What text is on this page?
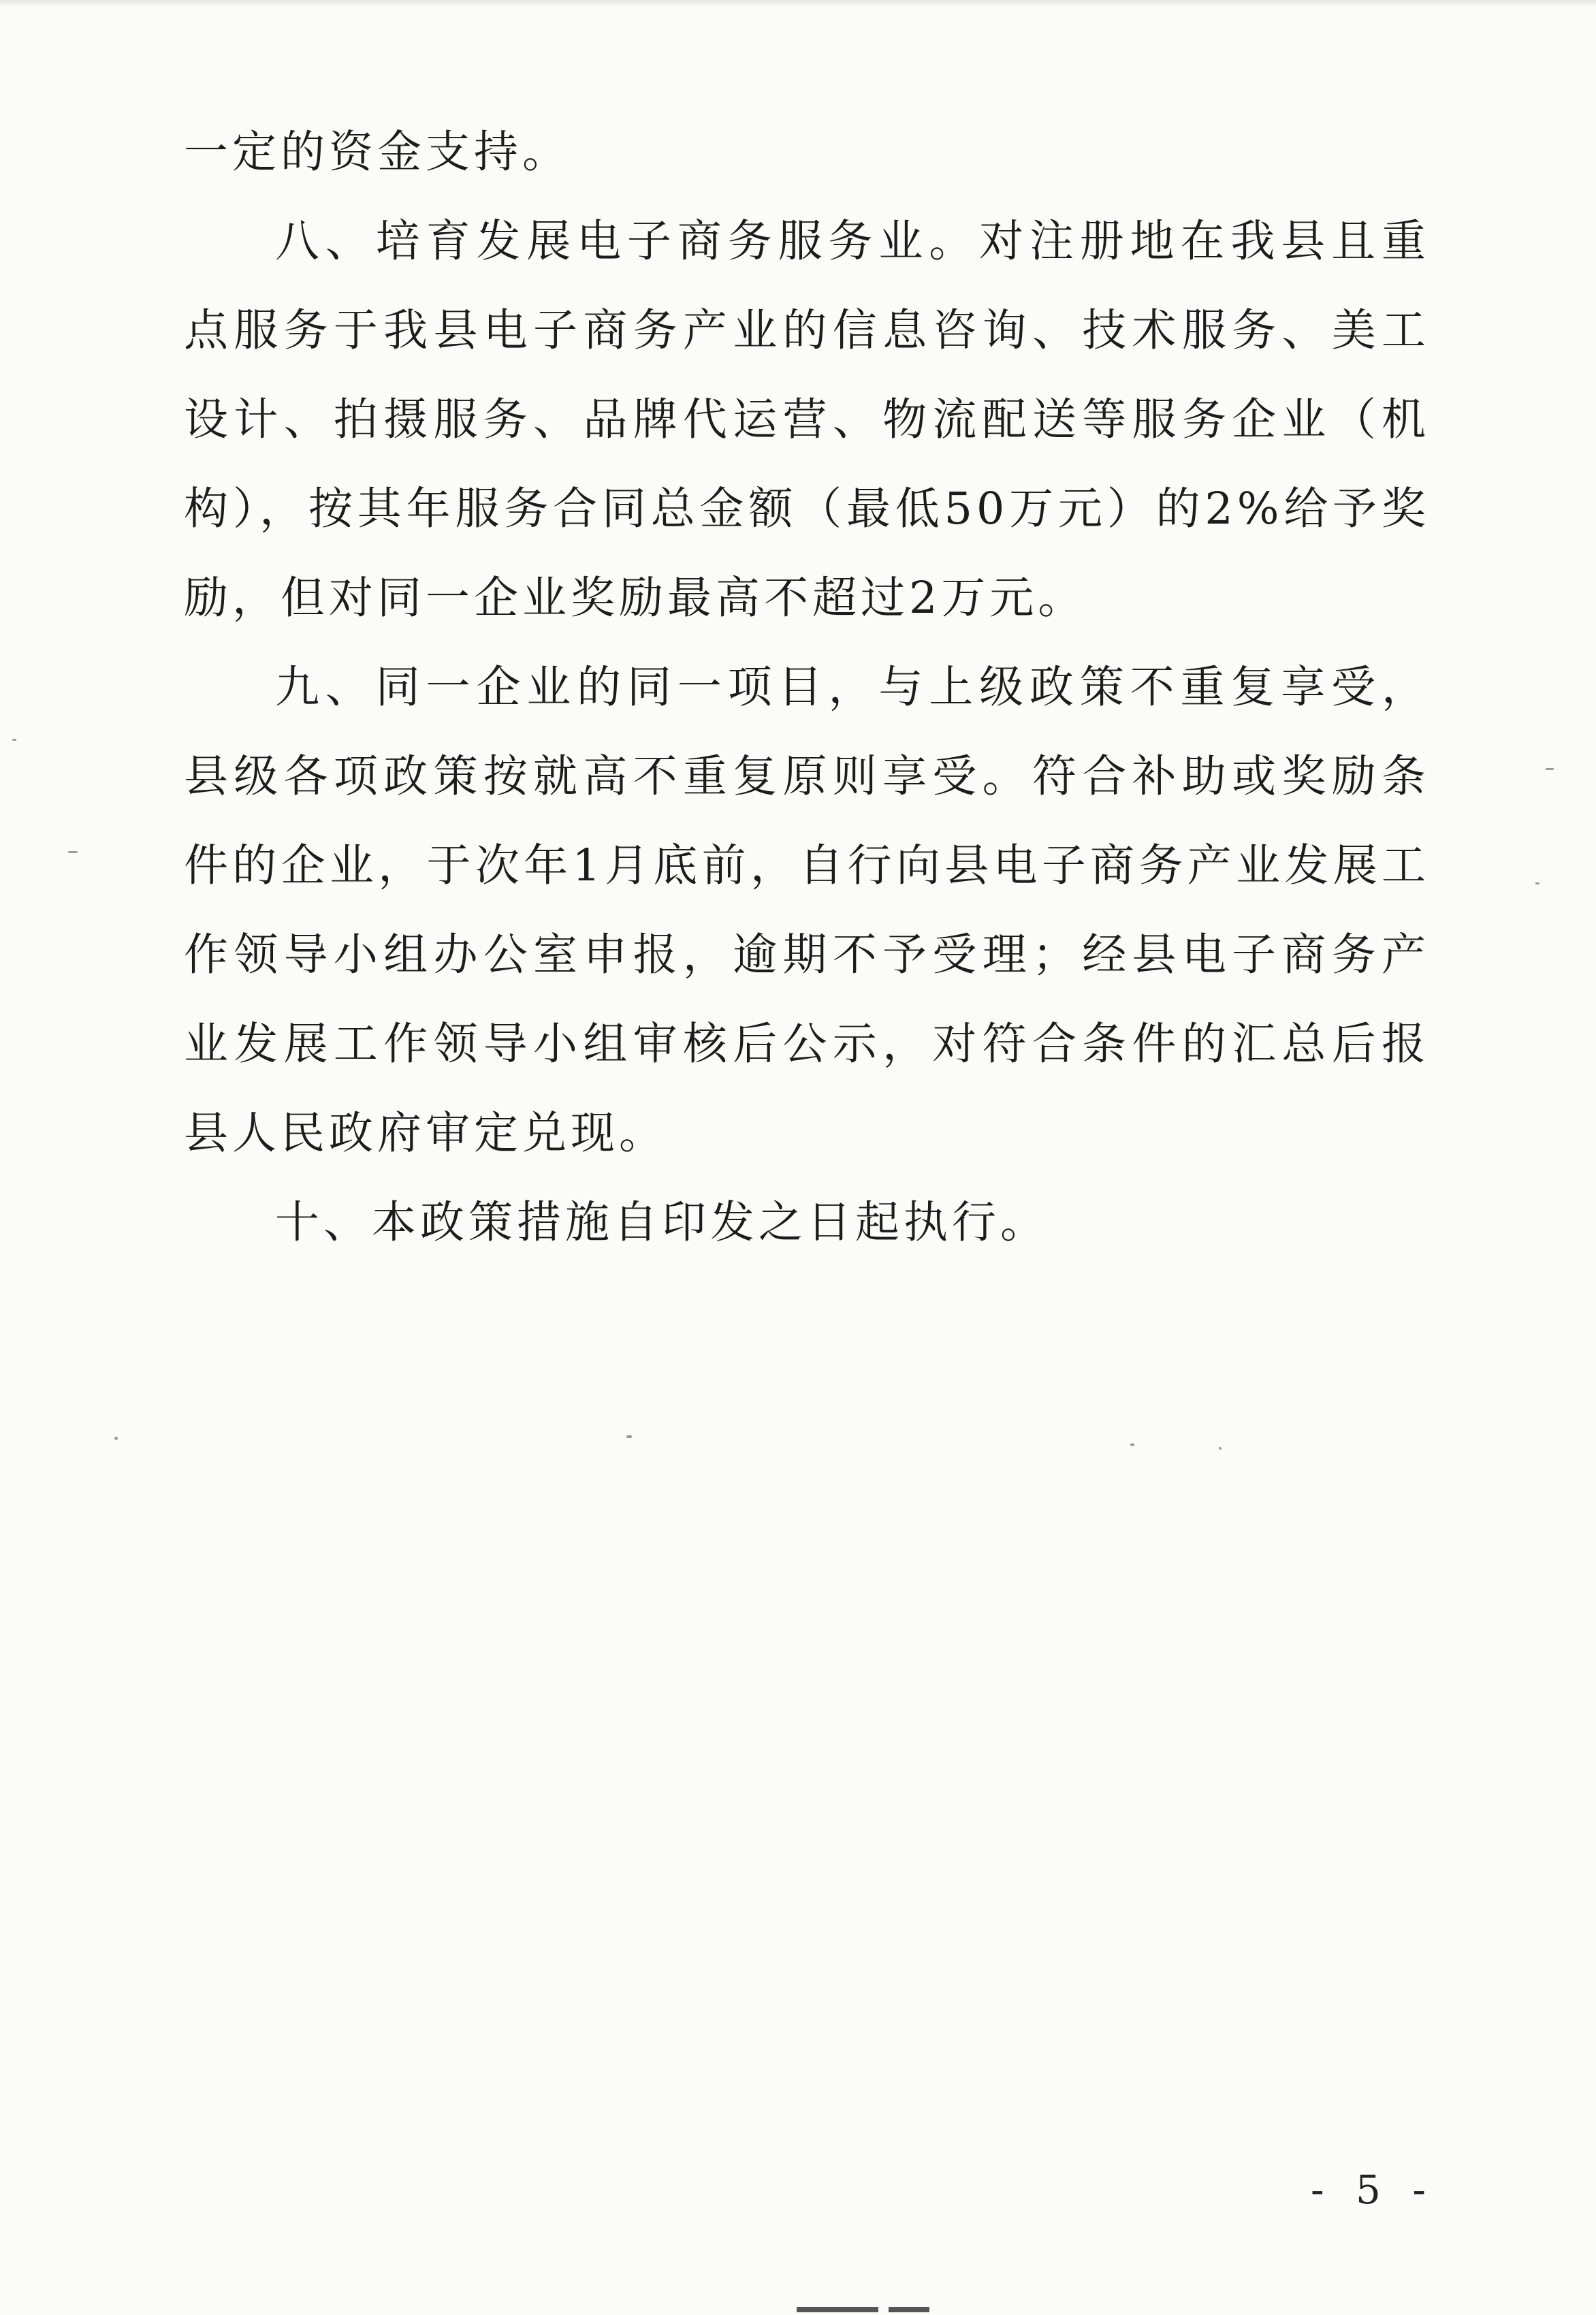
一定的资金支持。

八、培育发展电子商务服务业。对注册地在我县且重点服务于我县电子商务产业的信息咨询、技术服务、美工设计、拍摄服务、品牌代运营、物流配送等服务企业（机构），按其年服务合同总金额（最低50万元）的2%给予奖励，但对同一企业奖励最高不超过2万元。

九、同一企业的同一项目，与上级政策不重复享受，县级各项政策按就高不重复原则享受。符合补助或奖励条件的企业，于次年1月底前，自行向县电子商务产业发展工作领导小组办公室申报，逾期不予受理；经县电子商务产业发展工作领导小组审核后公示，对符合条件的汇总后报县人民政府审定兑现。

十、本政策措施自印发之日起执行。

- 5 -
